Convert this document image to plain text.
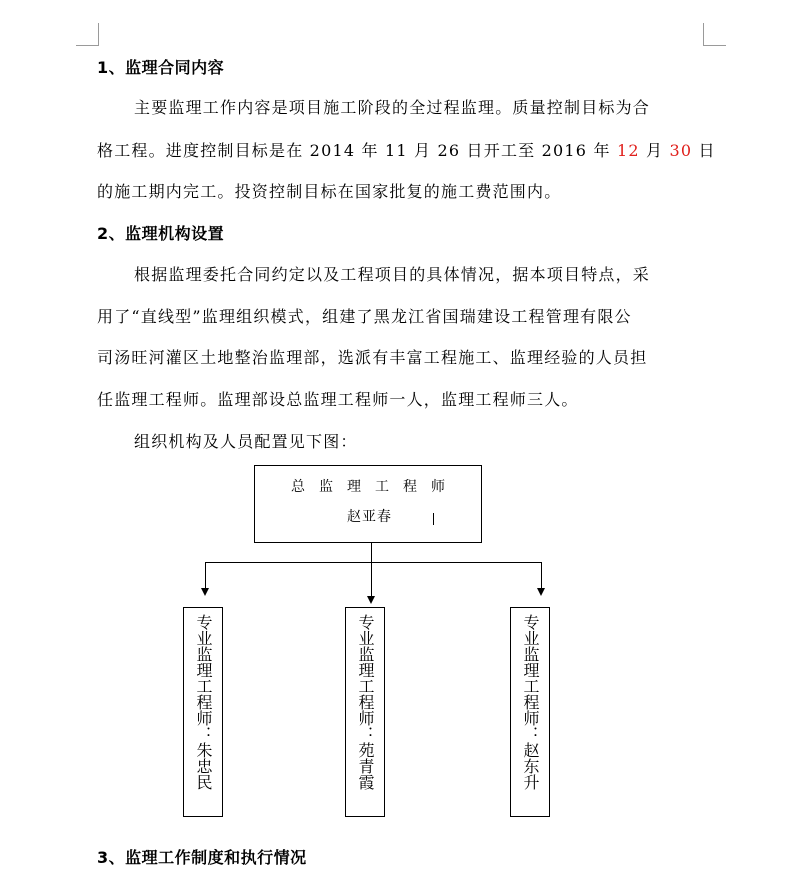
1、监理合同内容
主要监理工作内容是项目施工阶段的全过程监理。质量控制目标为合
格工程。进度控制目标是在 2014 年 11 月 26 日开工至 2016 年 12 月 30 日
的施工期内完工。投资控制目标在国家批复的施工费范围内。
2、监理机构设置
根据监理委托合同约定以及工程项目的具体情况，据本项目特点，采
用了“直线型”监理组织模式，组建了黑龙江省国瑞建设工程管理有限公
司汤旺河灌区土地整治监理部，选派有丰富工程施工、监理经验的人员担
任监理工程师。监理部设总监理工程师一人，监理工程师三人。
组织机构及人员配置见下图：
总监理工程师
赵亚春
专业监理工程师：朱忠民	专业监理工程师：苑青霞	专业监理工程师：赵东升
3、监理工作制度和执行情况
